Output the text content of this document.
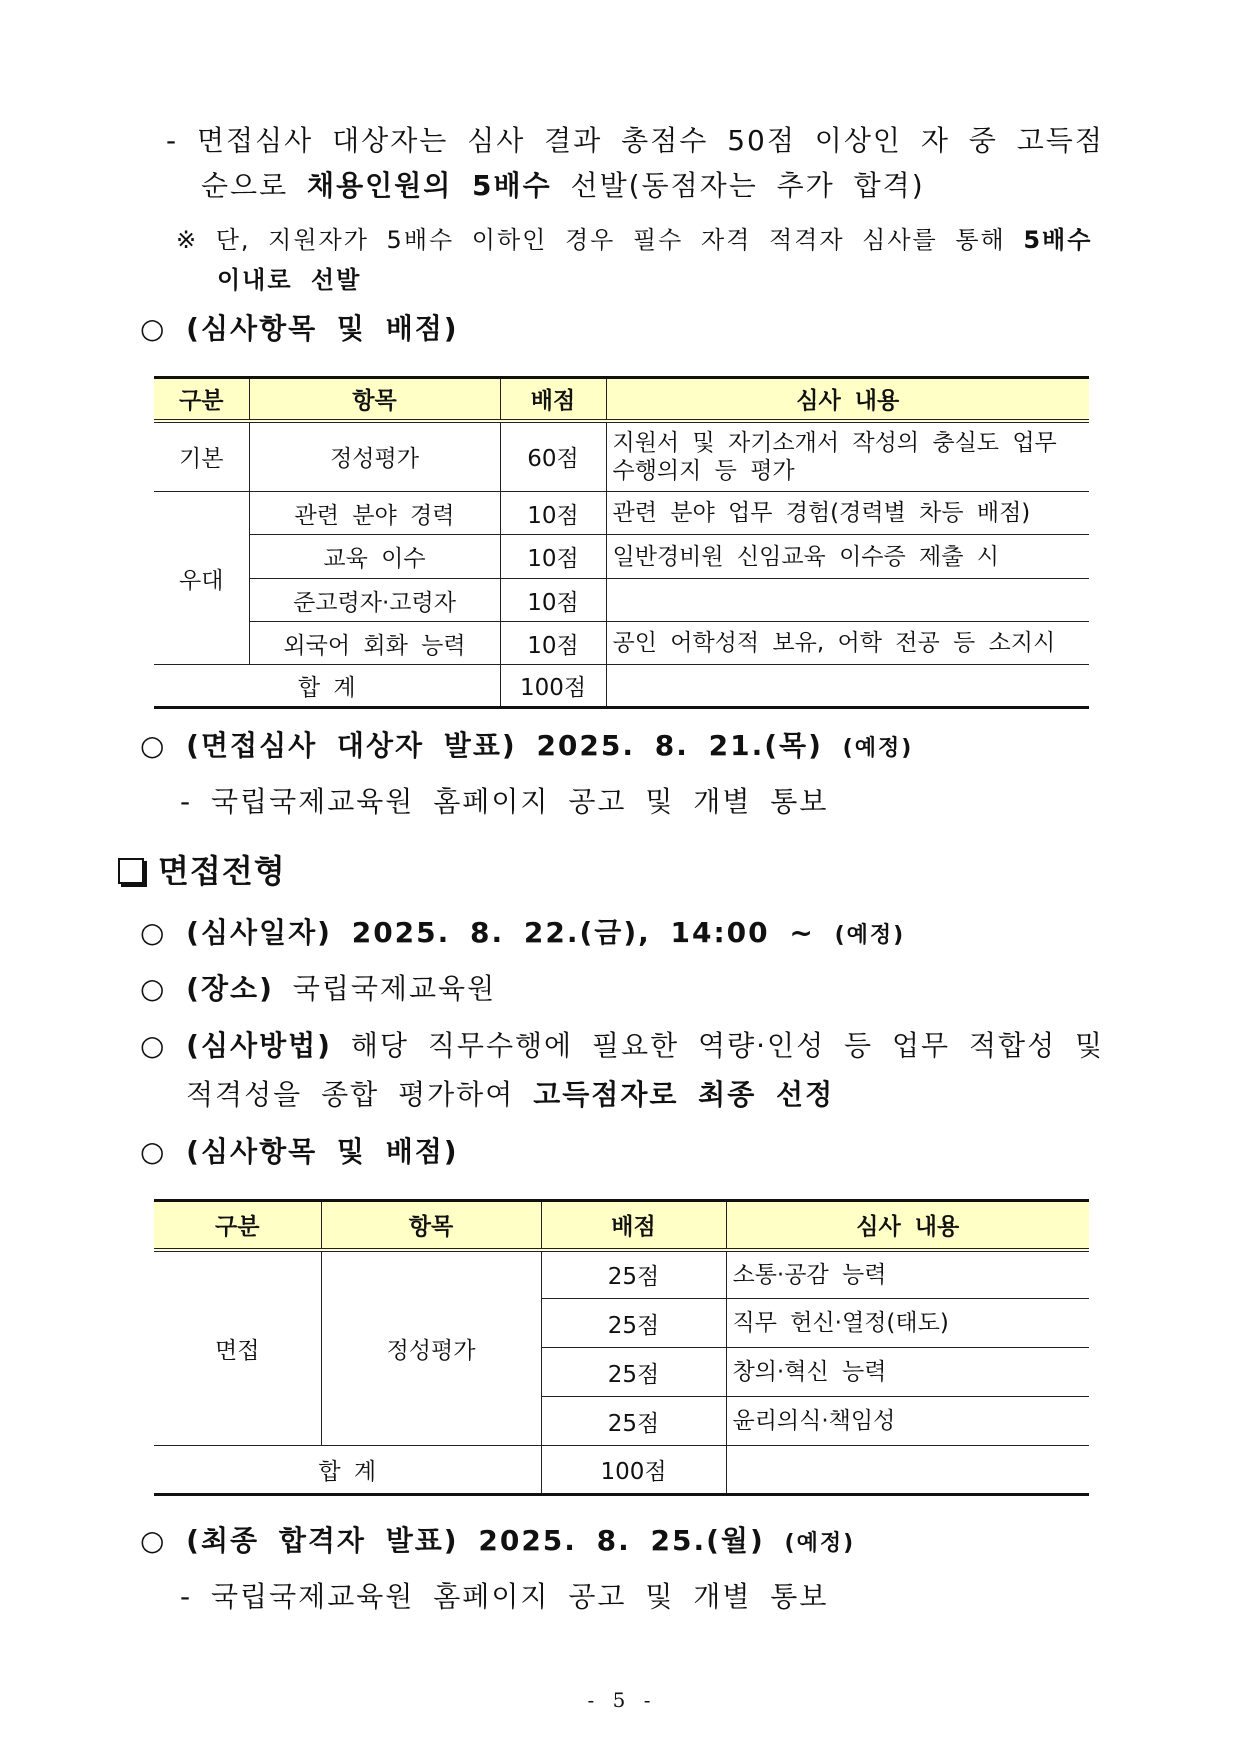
- 면접심사 대상자는 심사 결과 총점수 50점 이상인 자 중 고득점
순으로 채용인원의 5배수 선발(동점자는 추가 합격)
※ 단, 지원자가 5배수 이하인 경우 필수 자격 적격자 심사를 통해 5배수
이내로 선발
○ (심사항목 및 배점)
구분	항목	배점	심사 내용
기본	정성평가	60점	지원서 및 자기소개서 작성의 충실도 업무 수행의지 등 평가
우대	관련 분야 경력	10점	관련 분야 업무 경험(경력별 차등 배점)
	교육 이수	10점	일반경비원 신임교육 이수증 제출 시
	준고령자·고령자	10점	
	외국어 회화 능력	10점	공인 어학성적 보유, 어학 전공 등 소지시
합 계		100점	
○ (면접심사 대상자 발표) 2025. 8. 21.(목) (예정)
- 국립국제교육원 홈페이지 공고 및 개별 통보
면접전형
○ (심사일자) 2025. 8. 22.(금), 14:00 ~ (예정)
○ (장소) 국립국제교육원
○ (심사방법) 해당 직무수행에 필요한 역량·인성 등 업무 적합성 및
적격성을 종합 평가하여 고득점자로 최종 선정
○ (심사항목 및 배점)
구분	항목	배점	심사 내용
면접	정성평가	25점	소통·공감 능력
		25점	직무 헌신·열정(태도)
		25점	창의·혁신 능력
		25점	윤리의식·책임성
합 계		100점	
○ (최종 합격자 발표) 2025. 8. 25.(월) (예정)
- 국립국제교육원 홈페이지 공고 및 개별 통보
- 5 -
